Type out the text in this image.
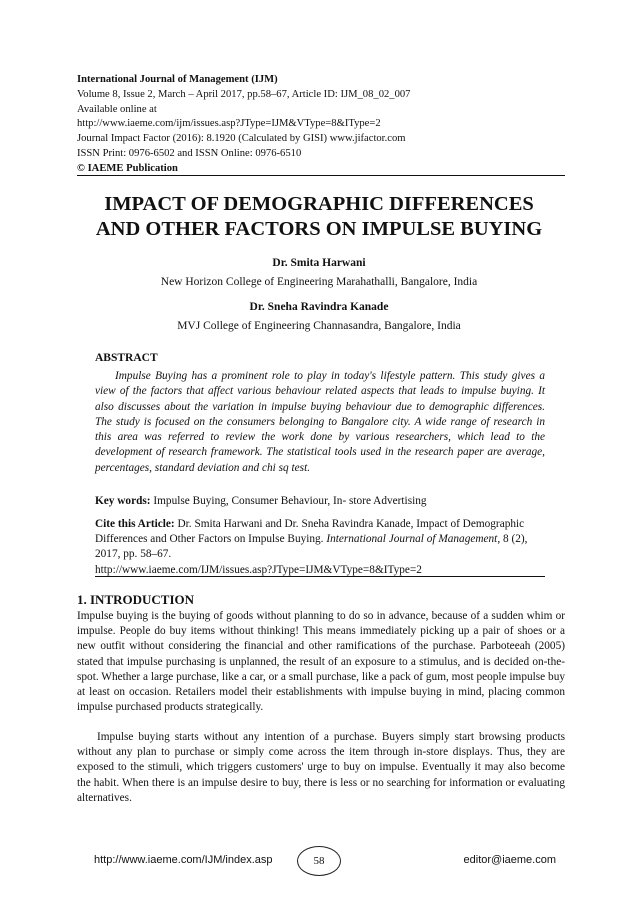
International Journal of Management (IJM)
Volume 8, Issue 2, March – April 2017, pp.58–67, Article ID: IJM_08_02_007
Available online at
http://www.iaeme.com/ijm/issues.asp?JType=IJM&VType=8&IType=2
Journal Impact Factor (2016): 8.1920 (Calculated by GISI) www.jifactor.com
ISSN Print: 0976-6502 and ISSN Online: 0976-6510
© IAEME Publication
IMPACT OF DEMOGRAPHIC DIFFERENCES
AND OTHER FACTORS ON IMPULSE BUYING
Dr. Smita Harwani
New Horizon College of Engineering Marahathalli, Bangalore, India
Dr. Sneha Ravindra Kanade
MVJ College of Engineering Channasandra, Bangalore, India
ABSTRACT
Impulse Buying has a prominent role to play in today's lifestyle pattern. This study gives a view of the factors that affect various behaviour related aspects that leads to impulse buying. It also discusses about the variation in impulse buying behaviour due to demographic differences. The study is focused on the consumers belonging to Bangalore city. A wide range of research in this area was referred to review the work done by various researchers, which lead to the development of research framework. The statistical tools used in the research paper are average, percentages, standard deviation and chi sq test.
Key words: Impulse Buying, Consumer Behaviour, In- store Advertising
Cite this Article: Dr. Smita Harwani and Dr. Sneha Ravindra Kanade, Impact of Demographic Differences and Other Factors on Impulse Buying. International Journal of Management, 8 (2), 2017, pp. 58–67.
http://www.iaeme.com/IJM/issues.asp?JType=IJM&VType=8&IType=2
1. INTRODUCTION
Impulse buying is the buying of goods without planning to do so in advance, because of a sudden whim or impulse. People do buy items without thinking! This means immediately picking up a pair of shoes or a new outfit without considering the financial and other ramifications of the purchase. Parboteeah (2005) stated that impulse purchasing is unplanned, the result of an exposure to a stimulus, and is decided on-the-spot. Whether a large purchase, like a car, or a small purchase, like a pack of gum, most people impulse buy at least on occasion. Retailers model their establishments with impulse buying in mind, placing common impulse purchased products strategically.
Impulse buying starts without any intention of a purchase. Buyers simply start browsing products without any plan to purchase or simply come across the item through in-store displays. Thus, they are exposed to the stimuli, which triggers customers' urge to buy on impulse. Eventually it may also become the habit. When there is an impulse desire to buy, there is less or no searching for information or evaluating alternatives.
http://www.iaeme.com/IJM/index.asp	58	editor@iaeme.com
